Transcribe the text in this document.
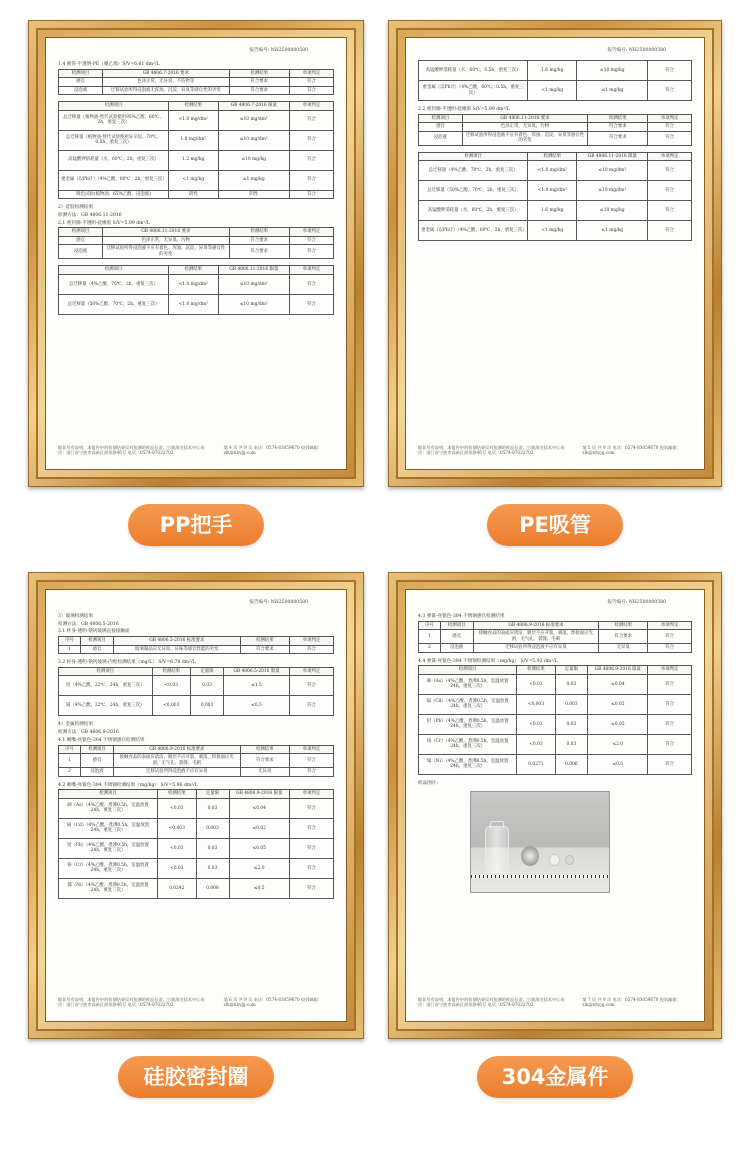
报告编号: NH2500000580
1.4 吸管-半透明-PE（聚乙烯）S/V=6.61 dm²/L
检测项目	GB 4806.7-2016 要求	检测结果	单项判定
感官	色泽正常，无异臭、不洁物等	符合要求	符合
浸泡液	迁移试验所得浸泡液无浑浊、沉淀、异臭等感官性的劣变	符合要求	符合
检测项目	检测结果	GB 4806.7-2016 限量	单项判定
总迁移量（植物油-替代试验使用95%乙醇，60℃，2h，重复三次）	<1.0 mg/dm²	≤10 mg/dm²	符合
总迁移量（植物油-替代试验使用异辛烷，70℃，0.5h，重复三次）	1.8 mg/dm²	≤10 mg/dm²	符合
高锰酸钾消耗量（水，60℃，2h，重复三次）	1.2 mg/kg	≤10 mg/kg	符合
重金属（以Pb计）（4%乙酸，60℃，2h，重复三次）	<1 mg/kg	≤1 mg/kg	符合
脱色试验(植物油，65%乙醇，浸泡液)	阴性	阴性	符合
2）硅胶检测结果
检测方法：GB 4806.11-2016
2.1 密封圈-半透明-硅橡胶 S/V=5.99 dm²/L
检测项目	GB 4806.11-2016 要求	检测结果	单项判定
感官	色泽正常，无异臭、污物	符合要求	符合
浸泡液	迁移试验所得浸泡液不应有着色、浑浊、沉淀、异臭等感官性的劣变	符合要求	符合
检测项目	检测结果	GB 4806.11-2016 限量	单项判定
总迁移量（4%乙酸，70℃，2h，重复三次）	<1.0 mg/dm²	≤10 mg/dm²	符合
总迁移量（50%乙醇，70℃，2h，重复三次）	<1.0 mg/dm²	≤10 mg/dm²	符合
除非另有说明，本报告中的检测结果仅对检测的样品负责。宁波海关技术中心电话：浙江省宁波市高新区闻泉路46号 电话：0574-87022702
第 4 页 共 9 页 电话：0574-83059670 投诉邮箱：zlk@nbyjg.com
PP把手
报告编号: NH2500000580
高锰酸钾消耗量（水，60℃，0.5h，重复三次）	1.6 mg/kg	≤10 mg/kg	符合
重金属（以Pb计）（4%乙酸，60℃，0.5h，重复三次）	<1 mg/kg	≤1 mg/kg	符合
2.2 密封圈-半透明-硅橡胶 S/V=5.99 dm²/L
检测项目	GB 4806.11-2016 要求	检测结果	单项判定
感官	色泽正常，无异臭、污物	符合要求	符合
浸泡液	迁移试验所得浸泡液不应有着色、浑浊、沉淀、异臭等感官性的劣变	符合要求	符合
检测项目	检测结果	GB 4806.11-2016 限量	单项判定
总迁移量（4%乙酸，70℃，2h，重复三次）	<1.0 mg/dm²	≤10 mg/dm²	符合
总迁移量（50%乙醇，70℃，2h，重复三次）	<1.0 mg/dm²	≤10 mg/dm²	符合
高锰酸钾消耗量（水，60℃，2h，重复三次）	1.6 mg/kg	≤10 mg/kg	符合
重金属（以Pb计）（4%乙酸，60℃，2h，重复三次）	<1 mg/kg	≤1 mg/kg	符合
除非另有说明，本报告中的检测结果仅对检测的样品负责。宁波海关技术中心电话：浙江省宁波市高新区闻泉路46号 电话：0574-87022702
第 5 页 共 9 页 电话：0574-83059670 投诉邮箱：zlk@nbyjg.com
PE吸管
报告编号: NH2500000580
3）玻璃检测结果
检测方法：GB 4806.5-2016
3.1 杯身-透明-钠钙玻璃直接接触面
序号	检测项目	GB 4806.5-2016 标准要求	检测结果	单项判定
1	感官	玻璃制品应无异臭、异味等感官性能的劣变	符合要求	符合
3.2 杯身-透明-钠钙玻璃-内壁检测结果（mg/L） S/V=6.78 dm²/L
检测项目	检测结果	定量限	GB 4806.5-2016 限量	单项判定
铅（4%乙酸，22℃，24h，重复三次）	<0.03	0.03	≤1.5	符合
镉（4%乙酸，22℃，24h，重复三次）	<0.003	0.003	≤0.5	符合
4）金属检测结果
检测方法：GB 4806.9-2016
4.1 吸嘴-亮银色-304 不锈钢感官检测结果
序号	检测项目	GB 4806.9-2016 标准要求	检测结果	单项判定
1	感官	接触食品的表面应清洁，镀层不应开裂、剥落，焊接面应光滑，无气孔、裂缝、毛刺	符合要求	符合
2	浸泡液	迁移试验所得浸泡液不应有异臭	无异臭	符合
4.2 吸嘴-亮银色-304 不锈钢检测结果（mg/kg） S/V=5.96 dm²/L
检测项目	检测结果	定量限	GB 4806.9-2016 限量	单项判定
砷（As）（4%乙酸，煮沸0.5h，室温放置24h，重复三次）	<0.03	0.03	≤0.04	符合
镉（Cd）（4%乙酸，煮沸0.5h，室温放置24h，重复三次）	<0.003	0.003	≤0.02	符合
铅（Pb）（4%乙酸，煮沸0.5h，室温放置24h，重复三次）	<0.03	0.03	≤0.05	符合
铬（Cr）（4%乙酸，煮沸0.5h，室温放置24h，重复三次）	<0.03	0.03	≤2.0	符合
镍（Ni）（4%乙酸，煮沸0.5h，室温放置24h，重复三次）	0.0242	0.006	≤0.5	符合
除非另有说明，本报告中的检测结果仅对检测的样品负责。宁波海关技术中心电话：浙江省宁波市高新区闻泉路46号 电话：0574-87022702
第 6 页 共 9 页 电话：0574-83059670 投诉邮箱：zlk@nbyjg.com
硅胶密封圈
报告编号: NH2500000580
4.3 弹簧-亮银色-304 不锈钢感官检测结果
序号	检测项目	GB 4806.9-2016 标准要求	检测结果	单项判定
1	感官	接触食品的表面应清洁，镀层不应开裂、剥落，焊接面应光滑，无气孔、裂缝、毛刺	符合要求	符合
2	浸泡液	迁移试验所得浸泡液不应有异臭	无异臭	符合
4.4 弹簧-亮银色-304 不锈钢检测结果（mg/kg） S/V=5.92 dm²/L
检测项目	检测结果	定量限	GB 4806.9-2016 限量	单项判定
砷（As）（4%乙酸，煮沸0.5h，室温放置24h，重复三次）	<0.03	0.03	≤0.04	符合
镉（Cd）（4%乙酸，煮沸0.5h，室温放置24h，重复三次）	<0.003	0.003	≤0.02	符合
铅（Pb）（4%乙酸，煮沸0.5h，室温放置24h，重复三次）	<0.03	0.03	≤0.05	符合
铬（Cr）（4%乙酸，煮沸0.5h，室温放置24h，重复三次）	<0.03	0.03	≤2.0	符合
镍（Ni）（4%乙酸，煮沸0.5h，室温放置24h，重复三次）	0.0271	0.006	≤0.5	符合
样品图片:
除非另有说明，本报告中的检测结果仅对检测的样品负责。宁波海关技术中心电话：浙江省宁波市高新区闻泉路46号 电话：0574-87022702
第 7 页 共 9 页 电话：0574-83059670 投诉邮箱：zlk@nbyjg.com
304金属件
